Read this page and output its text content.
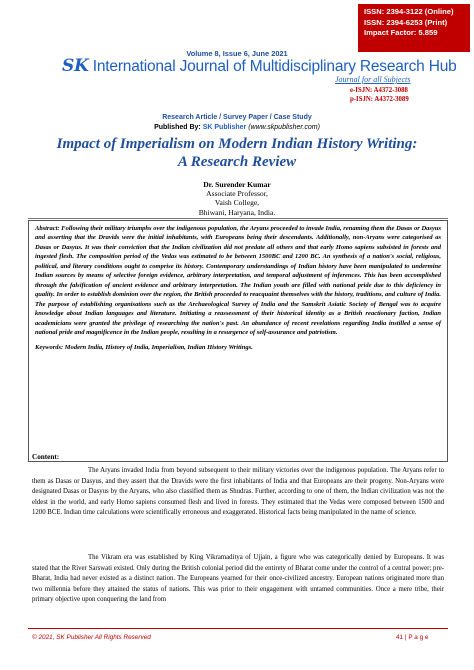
ISSN: 2394-3122 (Online)
ISSN: 2394-6253 (Print)
Impact Factor: 5.859
Volume 8, Issue 6, June 2021
SK International Journal of Multidisciplinary Research Hub
Journal for all Subjects
e-ISJN: A4372-3088
p-ISJN: A4372-3089
Research Article / Survey Paper / Case Study
Published By: SK Publisher (www.skpublisher.com)
Impact of Imperialism on Modern Indian History Writing:
A Research Review
Dr. Surender Kumar
Associate Professor,
Vaish College,
Bhiwani, Haryana, India.

Abstract: Following their military triumphs over the indigenous population, the Aryans proceeded to invade India, renaming them the Dasas or Dasyus and asserting that the Dravids were the initial inhabitants, with Europeans being their descendants. Additionally, non-Aryans were categorised as Dasas or Dasyus. It was their conviction that the Indian civilization did not predate all others and that early Homo sapiens subsisted in forests and ingested flesh. The composition period of the Vedas was estimated to be between 1500BC and 1200 BC. An synthesis of a nation's social, religious, political, and literary conditions ought to comprise its history. Contemporary understandings of Indian history have been manipulated to undermine Indian sources by means of selective foreign evidence, arbitrary interpretation, and temporal adjustment of inferences. This has been accomplished through the falsification of ancient evidence and arbitrary interpretation. The Indian youth are filled with national pride due to this deficiency in quality. In order to establish dominion over the region, the British proceeded to reacquaint themselves with the history, traditions, and culture of India. The purpose of establishing organisations such as the Archaeological Survey of India and the Samskrit Asiatic Society of Bengal was to acquire knowledge about Indian languages and literature. Initiating a reassessment of their historical identity as a British reactionary faction, Indian academicians were granted the privilege of researching the nation's past. An abundance of recent revelations regarding India instilled a sense of national pride and magnificence in the Indian people, resulting in a resurgence of self-assurance and patriotism.

Keywords: Modern India, History of India, Imperialism, Indian History Writings.

Content:

The Aryans invaded India from beyond subsequent to their military victories over the indigenous population. The Aryans refer to them as Dasas or Dasyus, and they assert that the Dravids were the first inhabitants of India and that Europeans are their progeny. Non-Aryans were designated Dasas or Dasyus by the Aryans, who also classified them as Shudras. Further, according to one of them, the Indian civilization was not the eldest in the world, and early Homo sapiens consumed flesh and lived in forests. They estimated that the Vedas were composed between 1500 and 1200 BCE. Indian time calculations were scientifically erroneous and exaggerated. Historical facts being manipulated in the name of science.

The Vikram era was established by King Vikramaditya of Ujjain, a figure who was categorically denied by Europeans. It was stated that the River Sarswati existed. Only during the British colonial period did the entirety of Bharat come under the control of a central power; pre-Bharat, India had never existed as a distinct nation. The Europeans yearned for their once-civilized ancestry. European nations originated more than two millennia before they attained the status of nations. This was prior to their engagement with untamed communities. Once a mere tribe, their primary objective upon conquering the land from

© 2021, SK Publisher All Rights Reserved	41 | P a g e
